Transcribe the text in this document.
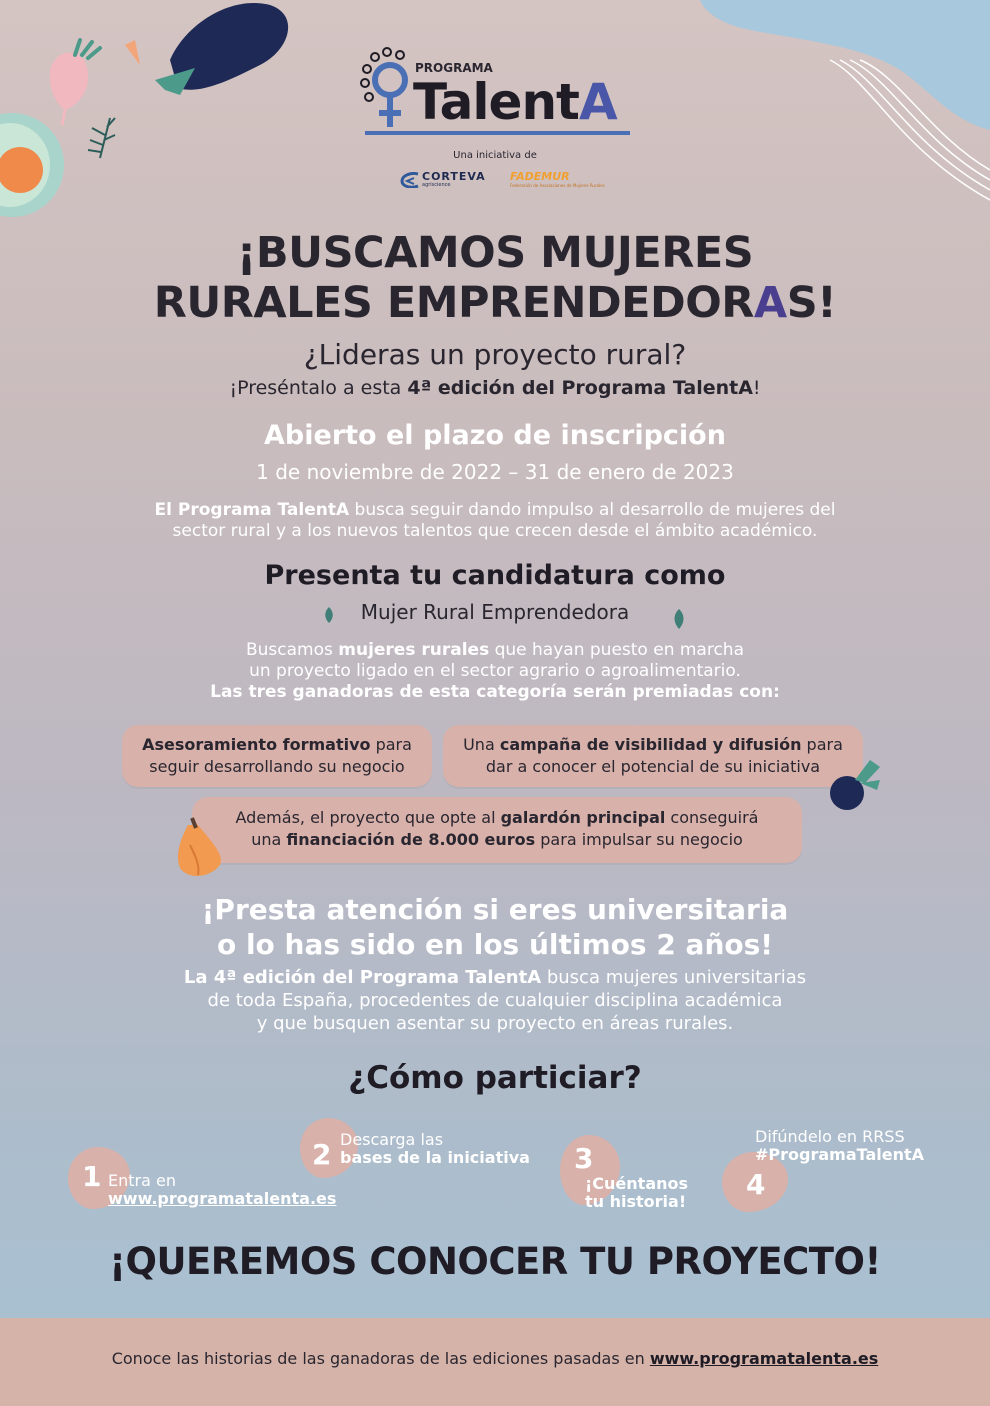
PROGRAMA
TalentA
Una iniciativa de
CORTEVA
agriscience
FADEMUR
Federación de Asociaciones de Mujeres Rurales
¡BUSCAMOS MUJERES
RURALES EMPRENDEDORAS!
¿Lideras un proyecto rural?
¡Preséntalo a esta 4ª edición del Programa TalentA!
Abierto el plazo de inscripción
1 de noviembre de 2022 – 31 de enero de 2023
El Programa TalentA busca seguir dando impulso al desarrollo de mujeres del
sector rural y a los nuevos talentos que crecen desde el ámbito académico.
Presenta tu candidatura como
Mujer Rural Emprendedora
Buscamos mujeres rurales que hayan puesto en marcha
un proyecto ligado en el sector agrario o agroalimentario.
Las tres ganadoras de esta categoría serán premiadas con:
Asesoramiento formativo para
seguir desarrollando su negocio
Una campaña de visibilidad y difusión para
dar a conocer el potencial de su iniciativa
Además, el proyecto que opte al galardón principal conseguirá
una financiación de 8.000 euros para impulsar su negocio
¡Presta atención si eres universitaria
o lo has sido en los últimos 2 años!
La 4ª edición del Programa TalentA busca mujeres universitarias
de toda España, procedentes de cualquier disciplina académica
y que busquen asentar su proyecto en áreas rurales.
¿Cómo particiar?
1 Entra en
www.programatalenta.es
2 Descarga las
bases de la iniciativa 3
¡Cuéntanos
tu historia!
4
Difúndelo en RRSS
#ProgramaTalentA
¡QUEREMOS CONOCER TU PROYECTO!
Conoce las historias de las ganadoras de las ediciones pasadas en www.programatalenta.es
